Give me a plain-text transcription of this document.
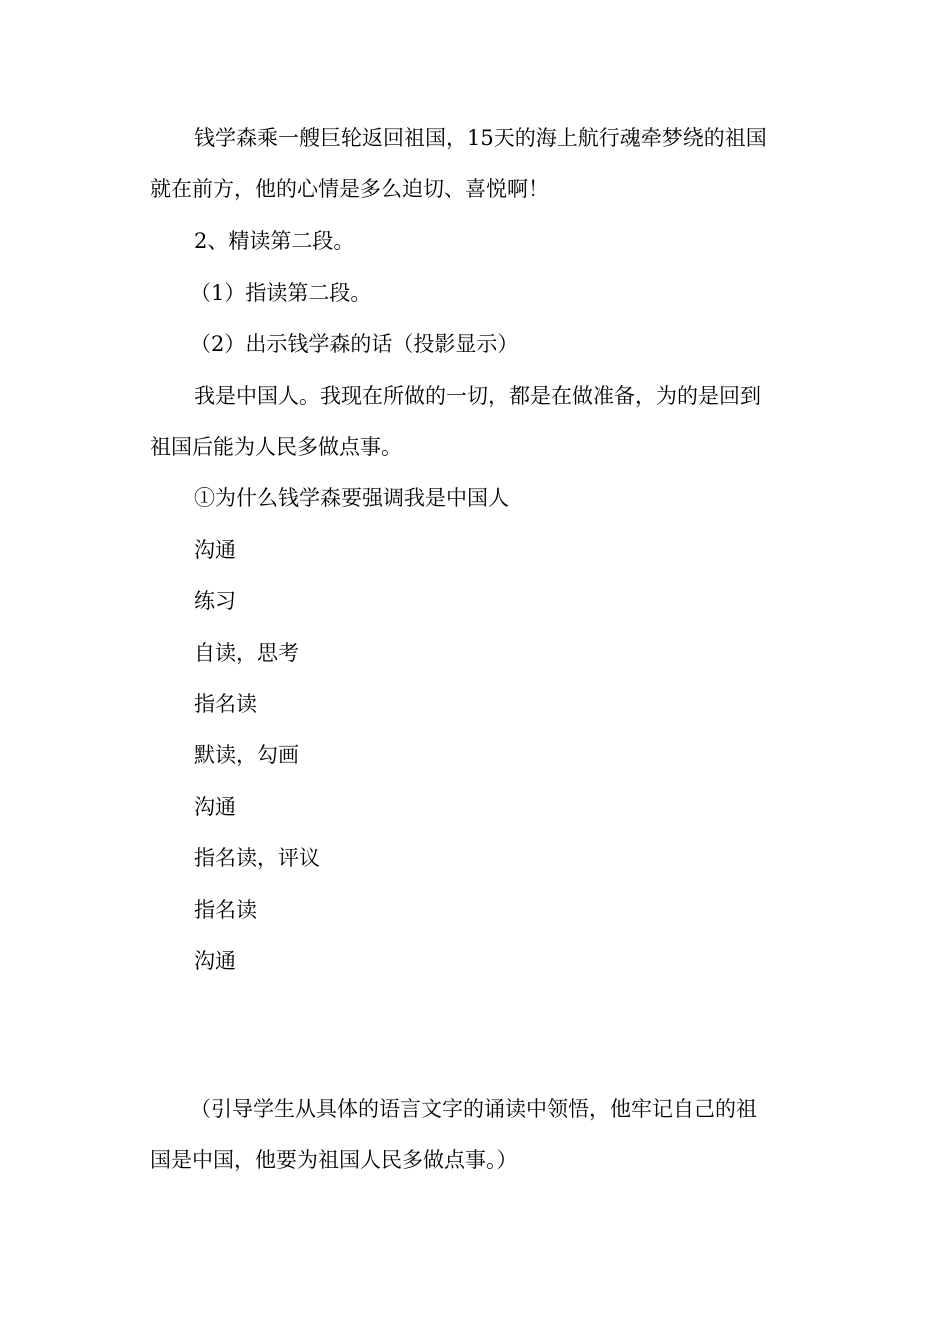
钱学森乘一艘巨轮返回祖国，15天的海上航行魂牵梦绕的祖国
就在前方，他的心情是多么迫切、喜悦啊！
2、精读第二段。
（1）指读第二段。
（2）出示钱学森的话（投影显示）
我是中国人。我现在所做的一切，都是在做准备，为的是回到
祖国后能为人民多做点事。
①为什么钱学森要强调我是中国人
沟通
练习
自读，思考
指名读
默读，勾画
沟通
指名读，评议
指名读
沟通
（引导学生从具体的语言文字的诵读中领悟，他牢记自己的祖
国是中国，他要为祖国人民多做点事。）
